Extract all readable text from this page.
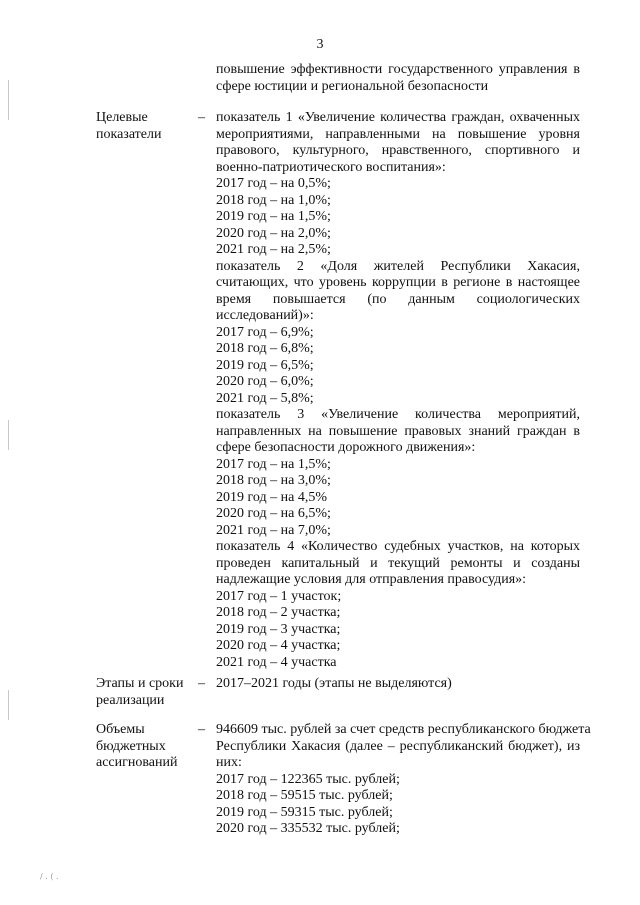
3
повышение эффективности государственного управления в
сфере юстиции и региональной безопасности
Целевые
показатели
– показатель 1 «Увеличение количества граждан, охваченных
мероприятиями, направленными на повышение уровня
правового, культурного, нравственного, спортивного и
военно-патриотического воспитания»:
2017 год – на 0,5%;
2018 год – на 1,0%;
2019 год – на 1,5%;
2020 год – на 2,0%;
2021 год – на 2,5%;
показатель 2 «Доля жителей Республики Хакасия,
считающих, что уровень коррупции в регионе в настоящее
время повышается (по данным социологических
исследований)»:
2017 год – 6,9%;
2018 год – 6,8%;
2019 год – 6,5%;
2020 год – 6,0%;
2021 год – 5,8%;
показатель 3 «Увеличение количества мероприятий,
направленных на повышение правовых знаний граждан в
сфере безопасности дорожного движения»:
2017 год – на 1,5%;
2018 год – на 3,0%;
2019 год – на 4,5%
2020 год – на 6,5%;
2021 год – на 7,0%;
показатель 4 «Количество судебных участков, на которых
проведен капитальный и текущий ремонты и созданы
надлежащие условия для отправления правосудия»:
2017 год – 1 участок;
2018 год – 2 участка;
2019 год – 3 участка;
2020 год – 4 участка;
2021 год – 4 участка
Этапы и сроки
реализации
– 2017–2021 годы (этапы не выделяются)
Объемы
бюджетных
ассигнований
– 946609 тыс. рублей за счет средств республиканского бюджета
Республики Хакасия (далее – республиканский бюджет), из
них:
2017 год – 122365 тыс. рублей;
2018 год – 59515 тыс. рублей;
2019 год – 59315 тыс. рублей;
2020 год – 335532 тыс. рублей;
/ . ( .
